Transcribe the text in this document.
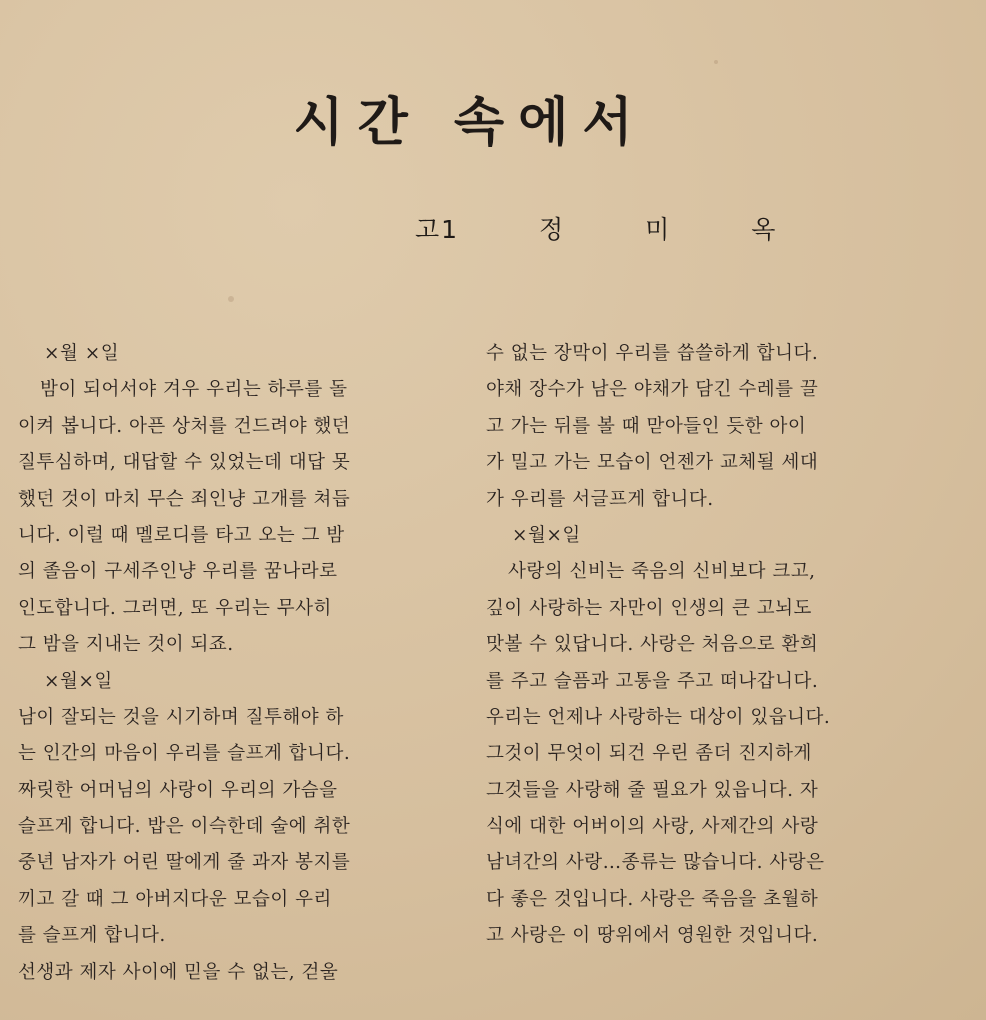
시간 속에서
고1 정 미 옥
×월 ×일
밤이 되어서야 겨우 우리는 하루를 돌
이켜 봅니다. 아픈 상처를 건드려야 했던
질투심하며, 대답할 수 있었는데 대답 못
했던 것이 마치 무슨 죄인냥 고개를 쳐듭
니다. 이럴 때 멜로디를 타고 오는 그 밤
의 졸음이 구세주인냥 우리를 꿈나라로
인도합니다. 그러면, 또 우리는 무사히
그 밤을 지내는 것이 되죠.
×월×일
남이 잘되는 것을 시기하며 질투해야 하
는 인간의 마음이 우리를 슬프게 합니다.
짜릿한 어머님의 사랑이 우리의 가슴을
슬프게 합니다. 밥은 이슥한데 술에 취한
중년 남자가 어린 딸에게 줄 과자 봉지를
끼고 갈 때 그 아버지다운 모습이 우리
를 슬프게 합니다.
선생과 제자 사이에 믿을 수 없는, 걷울
수 없는 장막이 우리를 씁쓸하게 합니다.
야채 장수가 남은 야채가 담긴 수레를 끌
고 가는 뒤를 볼 때 맏아들인 듯한 아이
가 밀고 가는 모습이 언젠가 교체될 세대
가 우리를 서글프게 합니다.
×월×일
사랑의 신비는 죽음의 신비보다 크고,
깊이 사랑하는 자만이 인생의 큰 고뇌도
맛볼 수 있답니다. 사랑은 처음으로 환희
를 주고 슬픔과 고통을 주고 떠나갑니다.
우리는 언제나 사랑하는 대상이 있읍니다.
그것이 무엇이 되건 우린 좀더 진지하게
그것들을 사랑해 줄 필요가 있읍니다. 자
식에 대한 어버이의 사랑, 사제간의 사랑
남녀간의 사랑…종류는 많습니다. 사랑은
다 좋은 것입니다. 사랑은 죽음을 초월하
고 사랑은 이 땅위에서 영원한 것입니다.
